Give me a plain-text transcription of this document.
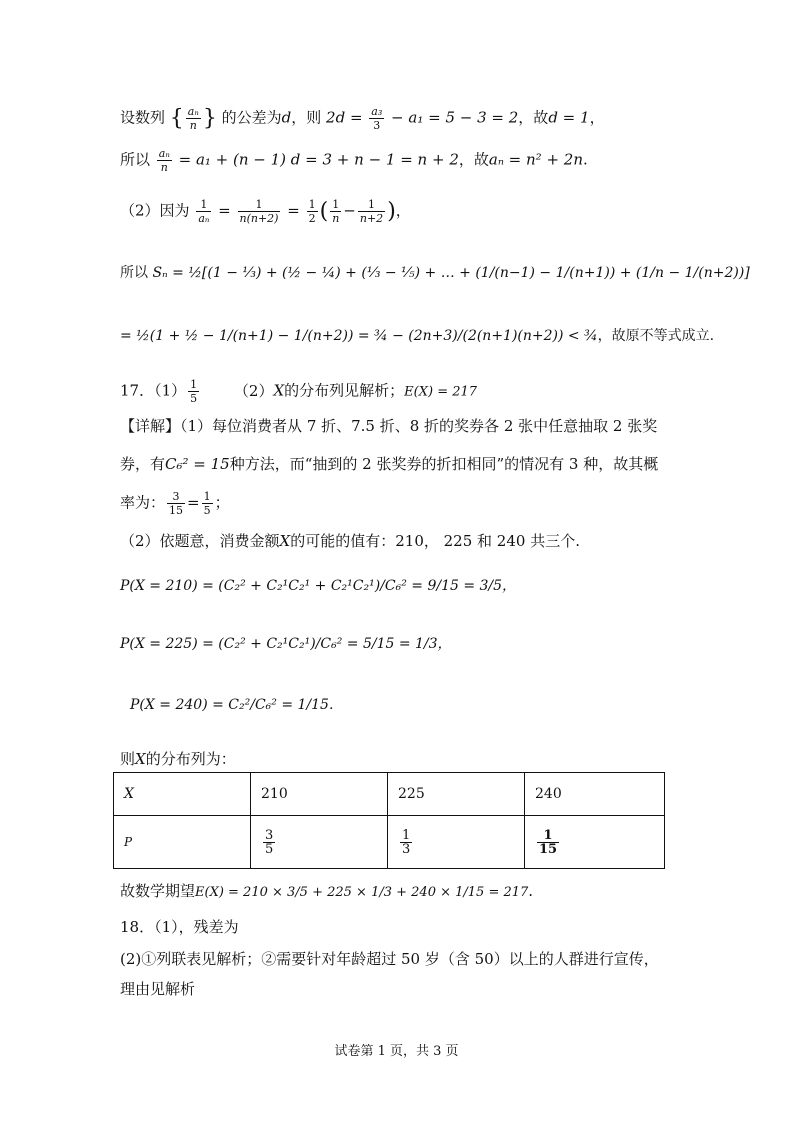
设数列 { $\frac{\text{aₙ}}{n}$ } 的公差为d，则 $2d = \frac{\text{a₃}}{3} - a_1 = 5 - 3 = 2$，故d = 1，
所以 $\frac{\text{aₙ}}{n} = a_1 + (n - 1) d = 3 + n - 1 = n + 2$，故aₙ = n² + 2n.
（2）因为 $\frac{1}{\text{aₙ}} = \frac{1}{n(n+2)} = \frac{1}{2}$ ( $\frac{1}{n} - \frac{1}{n+2}$ )，
所以 Sₙ = ½[(1 − ⅓) + (½ − ¼) + (⅓ − ⅕) + … + (1/(n−1) − 1/(n+1)) + (1/n − 1/(n+2))]
= ½(1 + ½ − 1/(n+1) − 1/(n+2)) = ¾ − (2n+3)/(2(n+1)(n+2)) < ¾，故原不等式成立.
17．$(1) \frac{1}{5} (2)X$的分布列见解析；E(X) = 217
【详解】（1）每位消费者从 7 折、7.5 折、8 折的奖券各 2 张中任意抽取 2 张奖
券，有C₆² = 15种方法，而“抽到的 2 张奖券的折扣相同”的情况有 3 种，故其概
率为： $\frac{3}{15} = \frac{1}{5}$ ；
（2）依题意，消费金额X的可能的值有：210， 225 和 240 共三个.
P(X = 210) = (C₂² + C₂¹C₂¹ + C₂¹C₂¹)/C₆² = 9/15 = 3/5，
P(X = 225) = (C₂² + C₂¹C₂¹)/C₆² = 5/15 = 1/3，
P(X = 240) = C₂²/C₆² = 1/15.
则X的分布列为：
X	210	225	240
P	$\frac{3}{5}$	$\frac{1}{3}$	$\frac{1}{15}$
故数学期望E(X) = 210 × 3/5 + 225 × 1/3 + 240 × 1/15 = 217.
18．（1），残差为
(2)①列联表见解析；②需要针对年龄超过 50 岁（含 50）以上的人群进行宣传，
理由见解析
试卷第 1 页，共 3 页
